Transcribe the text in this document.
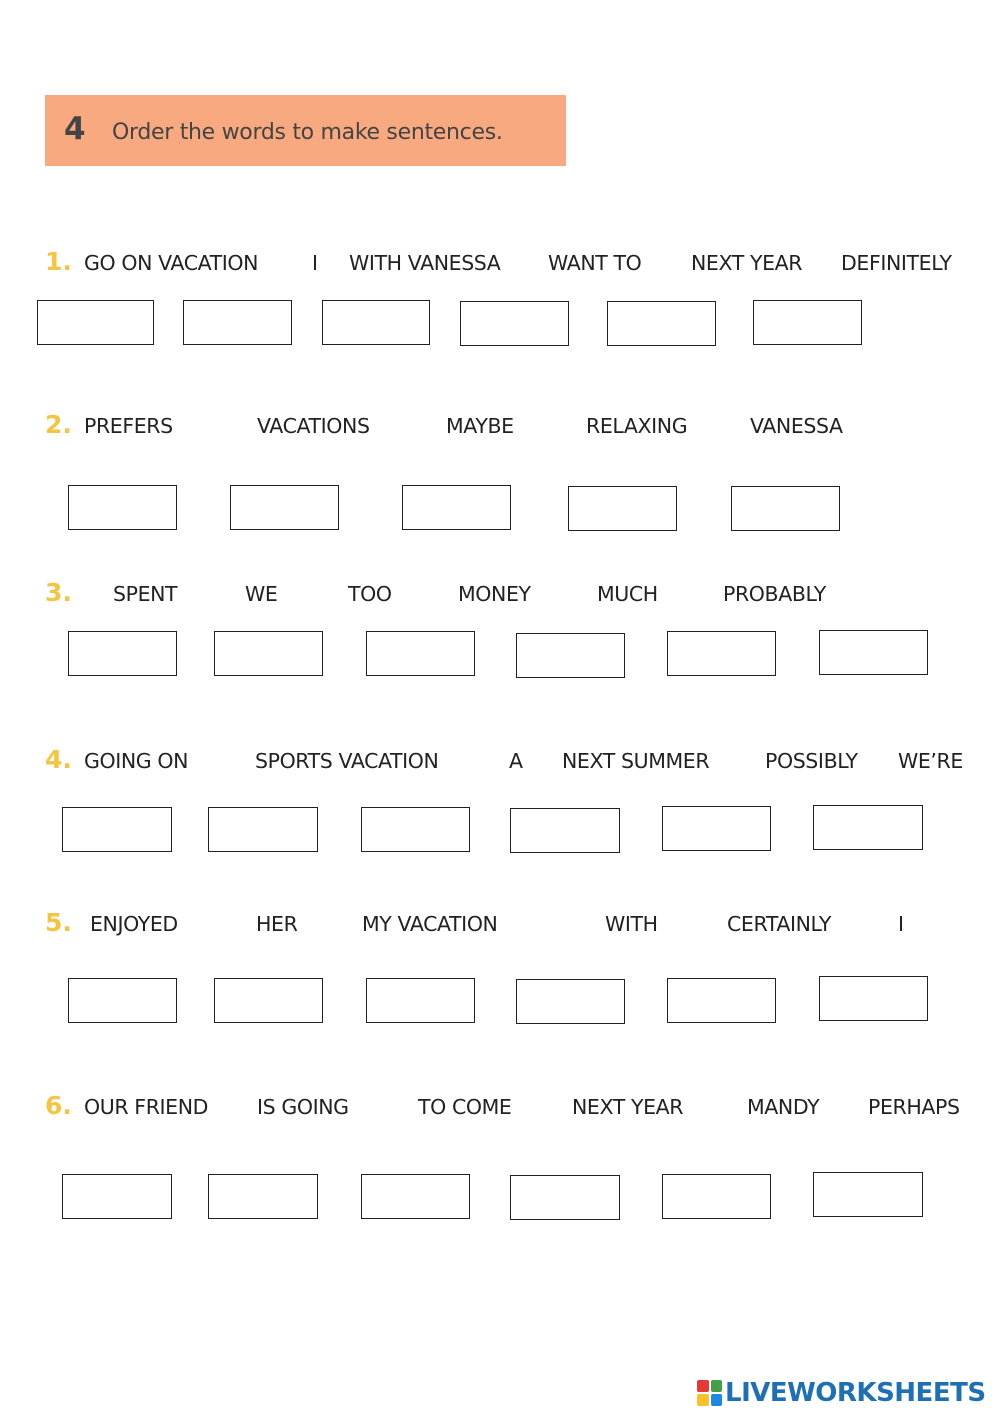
4 Order the words to make sentences.
1. GO ON VACATION	I WITH VANESSA WANT TO NEXT YEAR DEFINITELY
2. PREFERS	VACATIONS	MAYBE	RELAXING	VANESSA
3. SPENT	WE	TOO	MONEY	MUCH	PROBABLY
4. GOING ON	SPORTS VACATION	A NEXT SUMMER	POSSIBLY WE’RE
5. ENJOYED	HER	MY VACATION	WITH	CERTAINLY	I
6. OUR FRIEND IS GOING	TO COME	NEXT YEAR	MANDY PERHAPS
LIVEWORKSHEETS
